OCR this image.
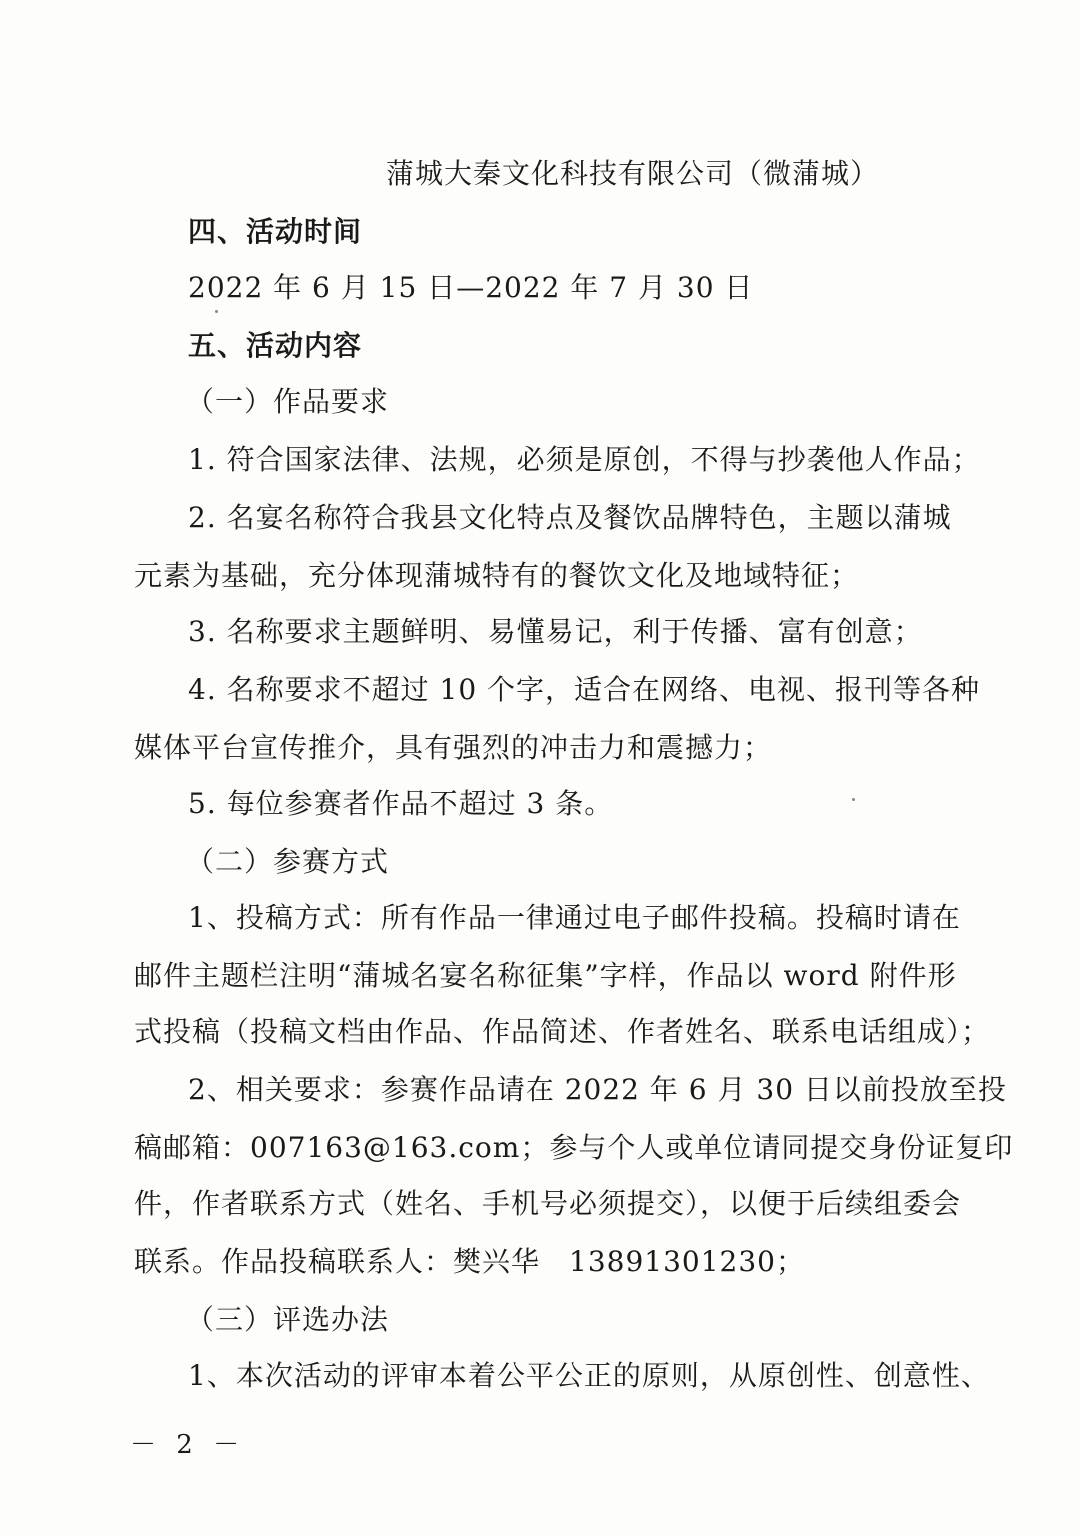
蒲城大秦文化科技有限公司（微蒲城）
四、活动时间
2022 年 6 月 15 日—2022 年 7 月 30 日
五、活动内容
（一）作品要求
1. 符合国家法律、法规，必须是原创，不得与抄袭他人作品；
2. 名宴名称符合我县文化特点及餐饮品牌特色，主题以蒲城
元素为基础，充分体现蒲城特有的餐饮文化及地域特征；
3. 名称要求主题鲜明、易懂易记，利于传播、富有创意；
4. 名称要求不超过 10 个字，适合在网络、电视、报刊等各种
媒体平台宣传推介，具有强烈的冲击力和震撼力；
5. 每位参赛者作品不超过 3 条。
（二）参赛方式
1、投稿方式：所有作品一律通过电子邮件投稿。投稿时请在
邮件主题栏注明“蒲城名宴名称征集”字样，作品以 word 附件形
式投稿（投稿文档由作品、作品简述、作者姓名、联系电话组成）；
2、相关要求：参赛作品请在 2022 年 6 月 30 日以前投放至投
稿邮箱：007163@163.com；参与个人或单位请同提交身份证复印
件，作者联系方式（姓名、手机号必须提交），以便于后续组委会
联系。作品投稿联系人：樊兴华　13891301230；
（三）评选办法
1、本次活动的评审本着公平公正的原则，从原创性、创意性、
－ 2 －
